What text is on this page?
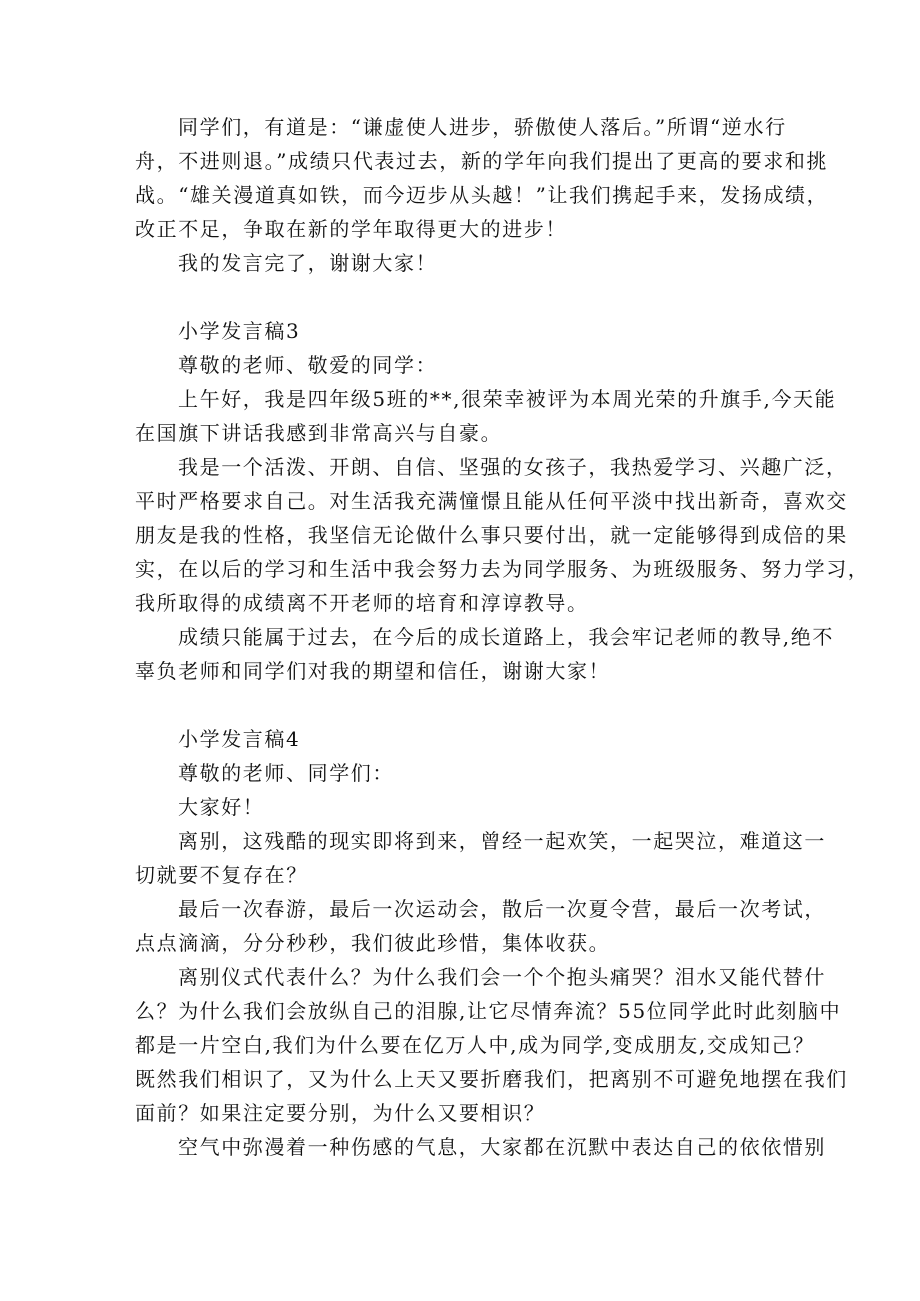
同学们，有道是：“谦虚使人进步，骄傲使人落后。”所谓“逆水行
舟，不进则退。”成绩只代表过去，新的学年向我们提出了更高的要求和挑
战。“雄关漫道真如铁，而今迈步从头越！”让我们携起手来，发扬成绩，
改正不足，争取在新的学年取得更大的进步！
我的发言完了，谢谢大家！
小学发言稿3
尊敬的老师、敬爱的同学：
上午好，我是四年级5班的**,很荣幸被评为本周光荣的升旗手,今天能
在国旗下讲话我感到非常高兴与自豪。
我是一个活泼、开朗、自信、坚强的女孩子，我热爱学习、兴趣广泛，
平时严格要求自己。对生活我充满憧憬且能从任何平淡中找出新奇，喜欢交
朋友是我的性格，我坚信无论做什么事只要付出，就一定能够得到成倍的果
实，在以后的学习和生活中我会努力去为同学服务、为班级服务、努力学习，
我所取得的成绩离不开老师的培育和淳谆教导。
成绩只能属于过去，在今后的成长道路上，我会牢记老师的教导,绝不
辜负老师和同学们对我的期望和信任，谢谢大家！
小学发言稿4
尊敬的老师、同学们：
大家好！
离别，这残酷的现实即将到来，曾经一起欢笑，一起哭泣，难道这一
切就要不复存在？
最后一次春游，最后一次运动会，散后一次夏令营，最后一次考试，
点点滴滴，分分秒秒，我们彼此珍惜，集体收获。
离别仪式代表什么？为什么我们会一个个抱头痛哭？泪水又能代替什
么？为什么我们会放纵自己的泪腺,让它尽情奔流？55位同学此时此刻脑中
都是一片空白,我们为什么要在亿万人中,成为同学,变成朋友,交成知己？
既然我们相识了，又为什么上天又要折磨我们，把离别不可避免地摆在我们
面前？如果注定要分别，为什么又要相识？
空气中弥漫着一种伤感的气息，大家都在沉默中表达自己的依依惜别
